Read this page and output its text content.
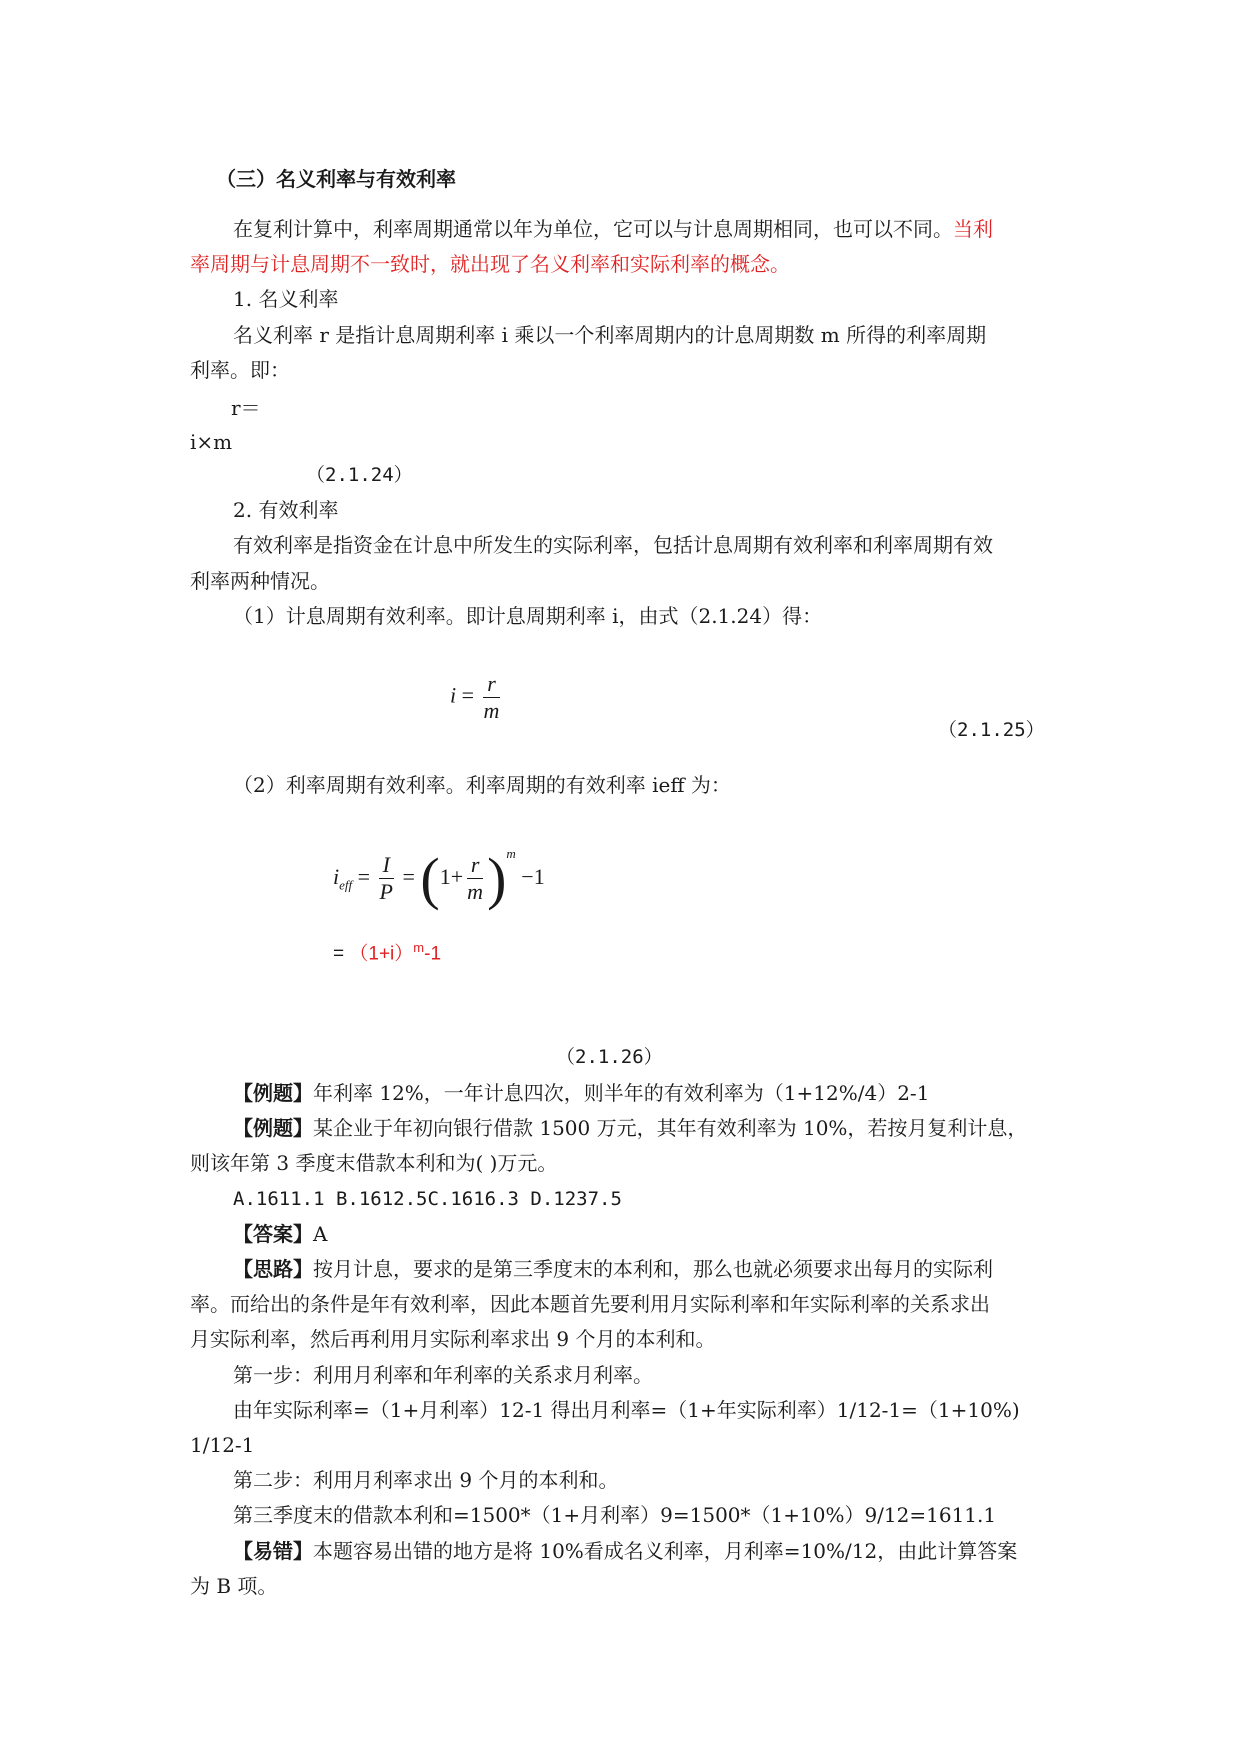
（三）名义利率与有效利率
在复利计算中，利率周期通常以年为单位，它可以与计息周期相同，也可以不同。当利
率周期与计息周期不一致时，就出现了名义利率和实际利率的概念。
1. 名义利率
名义利率 r 是指计息周期利率 i 乘以一个利率周期内的计息周期数 m 所得的利率周期
利率。即：
r＝
i×m
（2.1.24）
2. 有效利率
有效利率是指资金在计息中所发生的实际利率，包括计息周期有效利率和利率周期有效
利率两种情况。
（1）计息周期有效利率。即计息周期利率 i，由式（2.1.24）得：
$i = \frac{r}{m}$
（2.1.25）
（2）利率周期有效利率。利率周期的有效利率 ieff 为：
$i_{eff} = \frac{I}{P} = (1+ \frac{r}{m} )^m -1$
= $(1+i)^m-1$
（2.1.26）
【例题】年利率 12%，一年计息四次，则半年的有效利率为（1+12%/4）2-1
【例题】某企业于年初向银行借款 1500 万元，其年有效利率为 10%，若按月复利计息，
则该年第 3 季度末借款本利和为( )万元。
A.1611.1 B.1612.5C.1616.3 D.1237.5
【答案】A
【思路】按月计息，要求的是第三季度末的本利和，那么也就必须要求出每月的实际利
率。而给出的条件是年有效利率，因此本题首先要利用月实际利率和年实际利率的关系求出
月实际利率，然后再利用月实际利率求出 9 个月的本利和。
第一步：利用月利率和年利率的关系求月利率。
由年实际利率=（1+月利率）12-1 得出月利率=（1+年实际利率）1/12-1=（1+10%)
1/12-1
第二步：利用月利率求出 9 个月的本利和。
第三季度末的借款本利和=1500*（1+月利率）9=1500*（1+10%）9/12=1611.1
【易错】本题容易出错的地方是将 10%看成名义利率，月利率=10%/12，由此计算答案
为 B 项。
